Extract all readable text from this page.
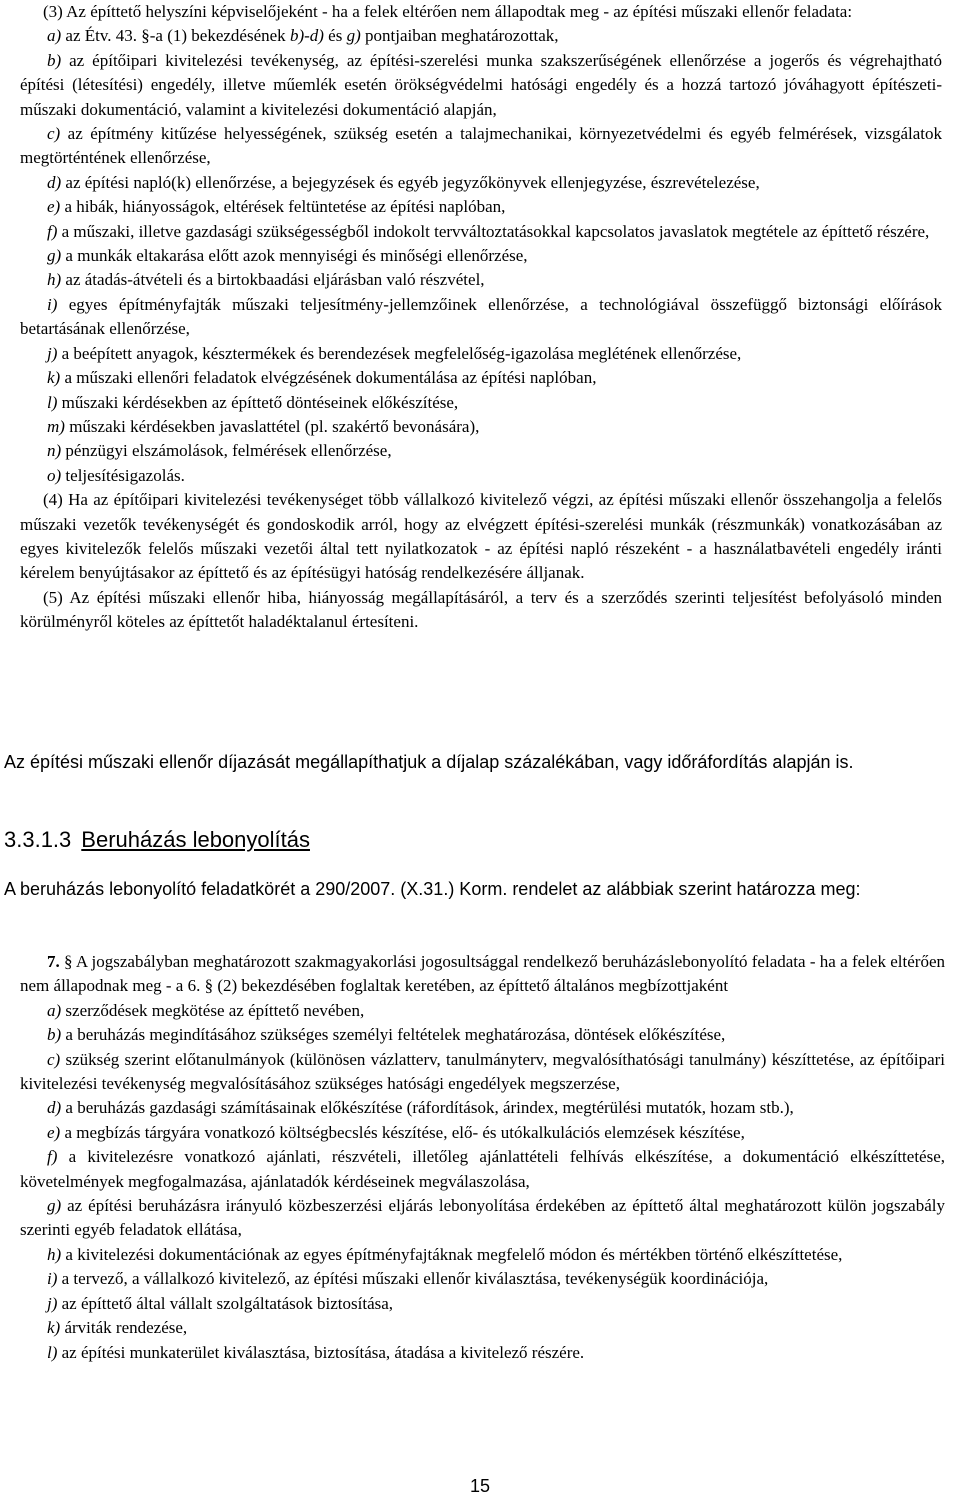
(3) Az építtető helyszíni képviselőjeként - ha a felek eltérően nem állapodtak meg - az építési műszaki ellenőr feladata:

a) az Étv. 43. §-a (1) bekezdésének b)-d) és g) pontjaiban meghatározottak,

b) az építőipari kivitelezési tevékenység, az építési-szerelési munka szakszerűségének ellenőrzése a jogerős és végrehajtható építési (létesítési) engedély, illetve műemlék esetén örökségvédelmi hatósági engedély és a hozzá tartozó jóváhagyott építészeti-műszaki dokumentáció, valamint a kivitelezési dokumentáció alapján,

c) az építmény kitűzése helyességének, szükség esetén a talajmechanikai, környezetvédelmi és egyéb felmérések, vizsgálatok megtörténtének ellenőrzése,

d) az építési napló(k) ellenőrzése, a bejegyzések és egyéb jegyzőkönyvek ellenjegyzése, észrevételezése,

e) a hibák, hiányosságok, eltérések feltüntetése az építési naplóban,

f) a műszaki, illetve gazdasági szükségességből indokolt tervváltoztatásokkal kapcsolatos javaslatok megtétele az építtető részére,

g) a munkák eltakarása előtt azok mennyiségi és minőségi ellenőrzése,

h) az átadás-átvételi és a birtokbaadási eljárásban való részvétel,

i) egyes építményfajták műszaki teljesítmény-jellemzőinek ellenőrzése, a technológiával összefüggő biztonsági előírások betartásának ellenőrzése,

j) a beépített anyagok, késztermékek és berendezések megfelelőség-igazolása meglétének ellenőrzése,

k) a műszaki ellenőri feladatok elvégzésének dokumentálása az építési naplóban,

l) műszaki kérdésekben az építtető döntéseinek előkészítése,

m) műszaki kérdésekben javaslattétel (pl. szakértő bevonására),

n) pénzügyi elszámolások, felmérések ellenőrzése,

o) teljesítésigazolás.

(4) Ha az építőipari kivitelezési tevékenységet több vállalkozó kivitelező végzi, az építési műszaki ellenőr összehangolja a felelős műszaki vezetők tevékenységét és gondoskodik arról, hogy az elvégzett építési-szerelési munkák (részmunkák) vonatkozásában az egyes kivitelezők felelős műszaki vezetői által tett nyilatkozatok - az építési napló részeként - a használatbavételi engedély iránti kérelem benyújtásakor az építtető és az építésügyi hatóság rendelkezésére álljanak.

(5) Az építési műszaki ellenőr hiba, hiányosság megállapításáról, a terv és a szerződés szerinti teljesítést befolyásoló minden körülményről köteles az építtetőt haladéktalanul értesíteni.

Az építési műszaki ellenőr díjazását megállapíthatjuk a díjalap százalékában, vagy időráfordítás alapján is.
3.3.1.3 Beruházás lebonyolítás
A beruházás lebonyolító feladatkörét a 290/2007. (X.31.) Korm. rendelet az alábbiak szerint határozza meg:

7. § A jogszabályban meghatározott szakmagyakorlási jogosultsággal rendelkező beruházáslebonyolító feladata - ha a felek eltérően nem állapodnak meg - a 6. § (2) bekezdésében foglaltak keretében, az építtető általános megbízottjaként

a) szerződések megkötése az építtető nevében,

b) a beruházás megindításához szükséges személyi feltételek meghatározása, döntések előkészítése,

c) szükség szerint előtanulmányok (különösen vázlatterv, tanulmányterv, megvalósíthatósági tanulmány) készíttetése, az építőipari kivitelezési tevékenység megvalósításához szükséges hatósági engedélyek megszerzése,

d) a beruházás gazdasági számításainak előkészítése (ráfordítások, árindex, megtérülési mutatók, hozam stb.),

e) a megbízás tárgyára vonatkozó költségbecslés készítése, elő- és utókalkulációs elemzések készítése,

f) a kivitelezésre vonatkozó ajánlati, részvételi, illetőleg ajánlattételi felhívás elkészítése, a dokumentáció elkészíttetése, követelmények megfogalmazása, ajánlatadók kérdéseinek megválaszolása,

g) az építési beruházásra irányuló közbeszerzési eljárás lebonyolítása érdekében az építtető által meghatározott külön jogszabály szerinti egyéb feladatok ellátása,

h) a kivitelezési dokumentációnak az egyes építményfajtáknak megfelelő módon és mértékben történő elkészíttetése,

i) a tervező, a vállalkozó kivitelező, az építési műszaki ellenőr kiválasztása, tevékenységük koordinációja,

j) az építtető által vállalt szolgáltatások biztosítása,

k) árviták rendezése,

l) az építési munkaterület kiválasztása, biztosítása, átadása a kivitelező részére.

15
